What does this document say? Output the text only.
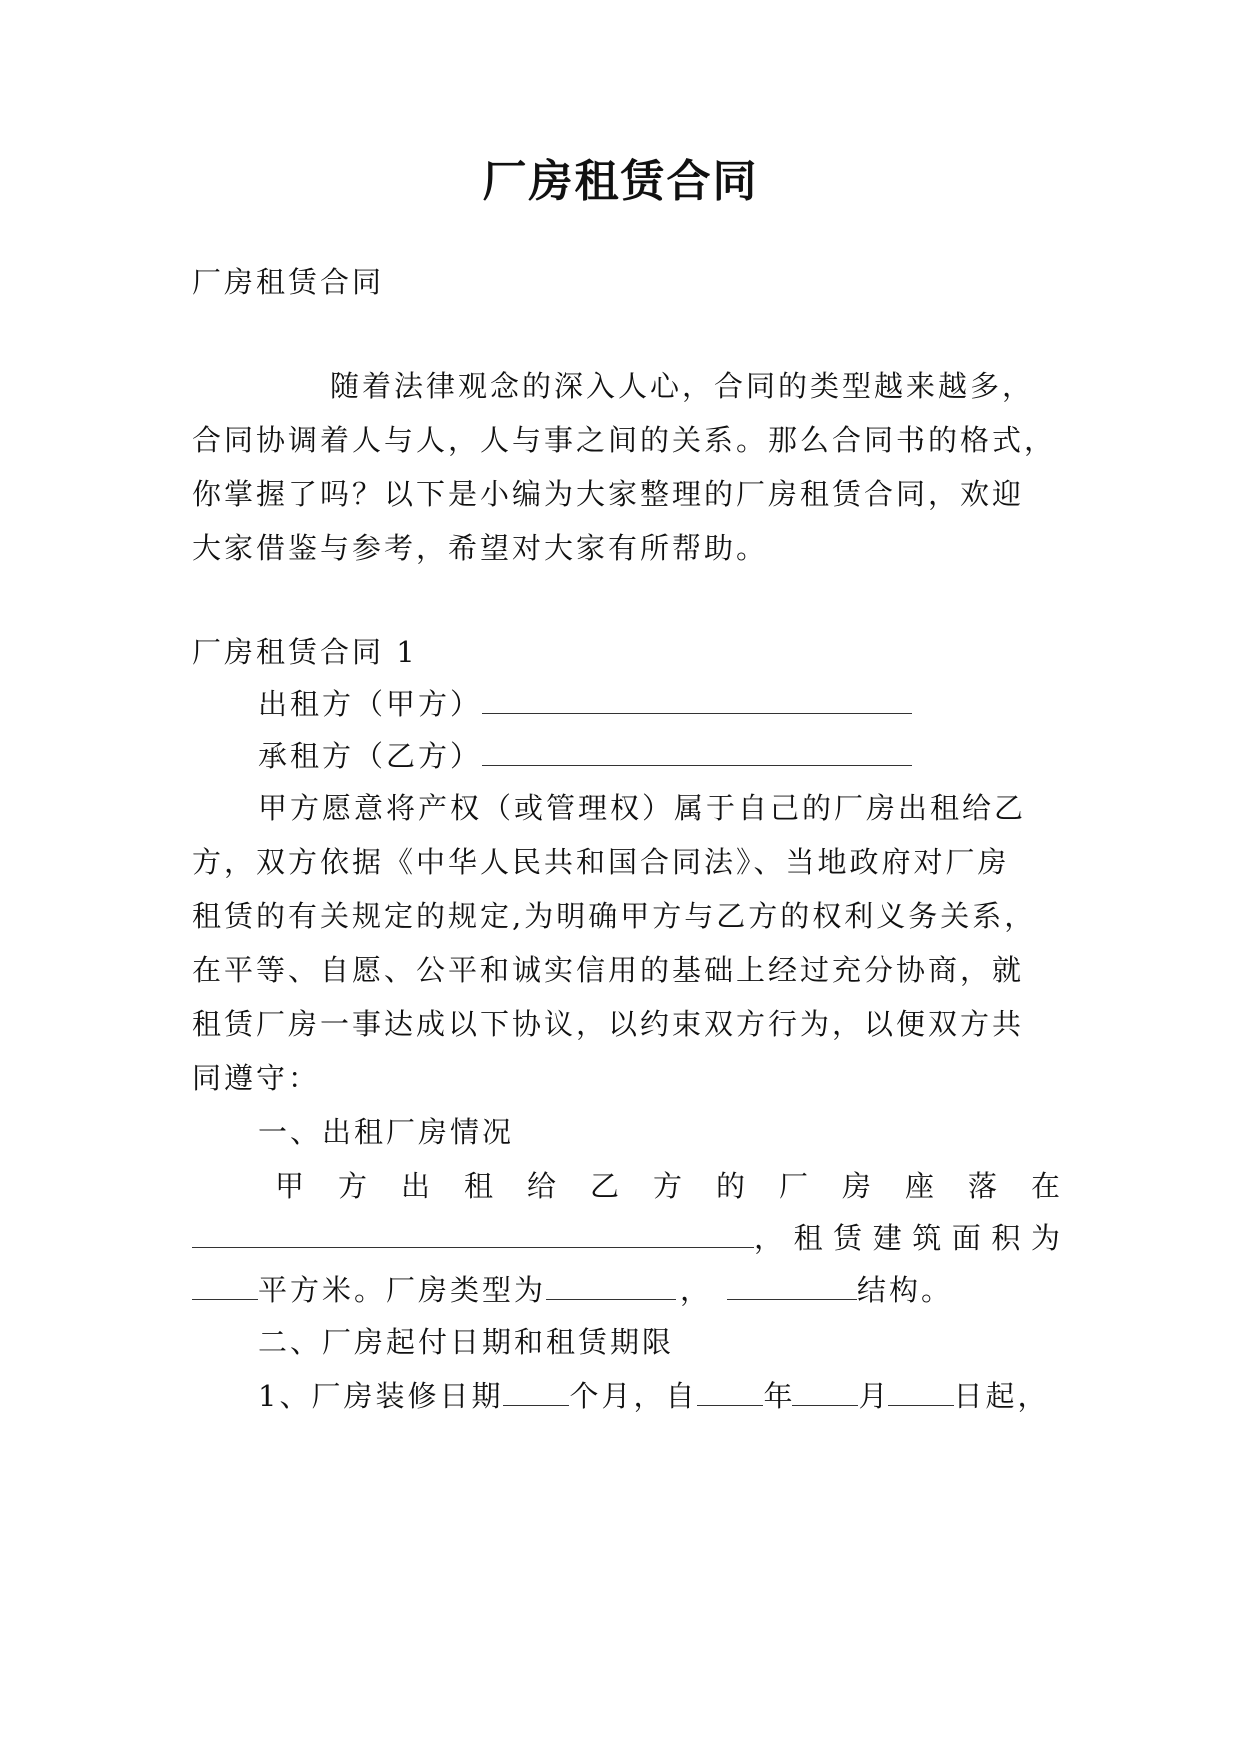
厂房租赁合同
厂房租赁合同
随着法律观念的深入人心，合同的类型越来越多，
合同协调着人与人，人与事之间的关系。那么合同书的格式，
你掌握了吗？以下是小编为大家整理的厂房租赁合同，欢迎
大家借鉴与参考，希望对大家有所帮助。
厂房租赁合同 1
出租方（甲方）
承租方（乙方）
甲方愿意将产权（或管理权）属于自己的厂房出租给乙
方，双方依据《中华人民共和国合同法》、当地政府对厂房
租赁的有关规定的规定,为明确甲方与乙方的权利义务关系，
在平等、自愿、公平和诚实信用的基础上经过充分协商，就
租赁厂房一事达成以下协议，以约束双方行为，以便双方共
同遵守：
一、出租厂房情况
甲方出租给乙方的厂房座落在
，租赁建筑面积为
平方米。厂房类型为	，	结构。
二、厂房起付日期和租赁期限
1、厂房装修日期 个月，自 年 月 日起，
